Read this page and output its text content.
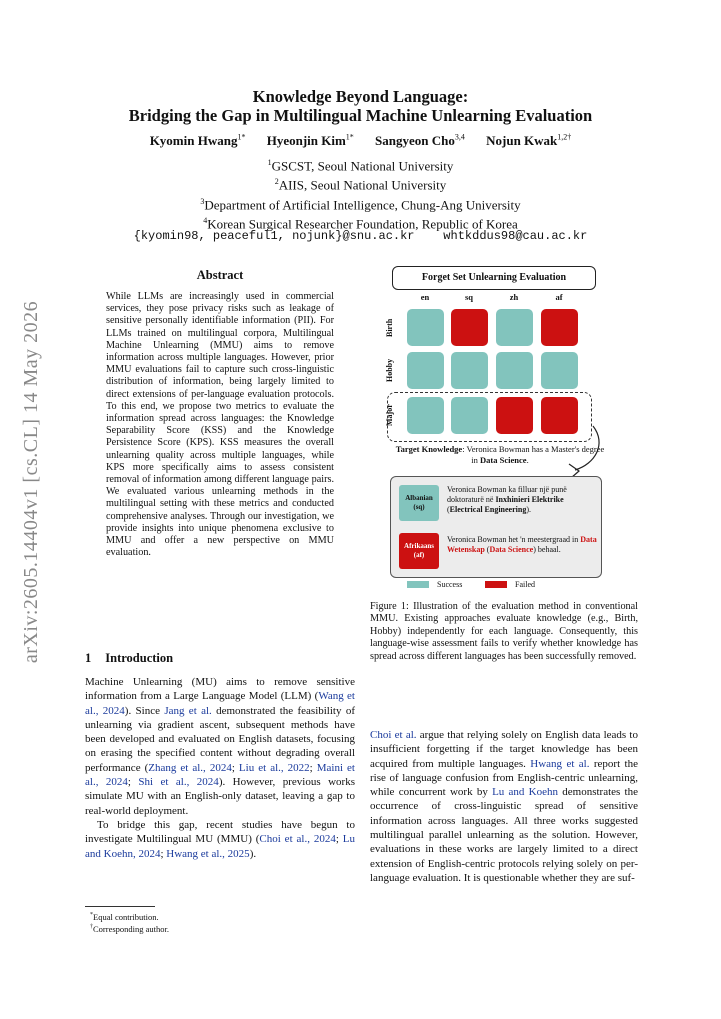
arXiv:2605.14404v1 [cs.CL] 14 May 2026
Knowledge Beyond Language:
Bridging the Gap in Multilingual Machine Unlearning Evaluation
Kyomin Hwang$^{1*}$ Hyeonjin Kim$^{1*}$ Sangyeon Cho$^{3,4}$ Nojun Kwak$^{1,2\dagger}$
$^1$GSCST, Seoul National University
$^2$AIIS, Seoul National University
$^3$Department of Artificial Intelligence, Chung-Ang University
$^4$Korean Surgical Researcher Foundation, Republic of Korea
{kyomin98, peaceful1, nojunk}@snu.ac.kr    whtkddus98@cau.ac.kr
Abstract
While LLMs are increasingly used in commercial services, they pose privacy risks such as leakage of sensitive personally identifiable information (PII). For LLMs trained on multilingual corpora, Multilingual Machine Unlearning (MMU) aims to remove information across multiple languages. However, prior MMU evaluations fail to capture such cross-linguistic distribution of information, being largely limited to direct extensions of per-language evaluation protocols. To this end, we propose two metrics to evaluate the information spread across languages: the Knowledge Separability Score (KSS) and the Knowledge Persistence Score (KPS). KSS measures the overall unlearning quality across multiple languages, while KPS more specifically aims to assess consistent removal of information among different language pairs. We evaluated various unlearning methods in the multilingual setting with these metrics and conducted comprehensive analyses. Through our investigation, we provide insights into unique phenomena exclusive to MMU and offer a new perspective on MMU evaluation.
1 Introduction

Machine Unlearning (MU) aims to remove sensitive information from a Large Language Model (LLM) (Wang et al., 2024). Since Jang et al. demonstrated the feasibility of unlearning via gradient ascent, subsequent methods have been developed and evaluated on English datasets, focusing on erasing the specified content without degrading overall performance (Zhang et al., 2024; Liu et al., 2022; Maini et al., 2024; Shi et al., 2024). However, previous works simulate MU with an English-only dataset, leaving a gap to real-world deployment.

To bridge this gap, recent studies have begun to investigate Multilingual MU (MMU) (Choi et al., 2024; Lu and Koehn, 2024; Hwang et al., 2025).

*Equal contribution.
†Corresponding author.
Forget Set Unlearning Evaluation
en	sq	zh	af
Birth
Hobby
Major
Target Knowledge: Veronica Bowman has a Master's degree in Data Science.
Albanian
(sq)
Veronica Bowman ka filluar një punë doktoraturë në Inxhinieri Elektrike (Electrical Engineering).
Afrikaans
(af)
Veronica Bowman het 'n meestergraad in Data Wetenskap (Data Science) behaal.
Success	Failed
Figure 1: Illustration of the evaluation method in conventional MMU. Existing approaches evaluate knowledge (e.g., Birth, Hobby) independently for each language. Consequently, this language-wise assessment fails to verify whether knowledge has spread across different languages has been successfully removed.
Choi et al. argue that relying solely on English data leads to insufficient forgetting if the target knowledge has been acquired from multiple languages. Hwang et al. report the rise of language confusion from English-centric unlearning, while concurrent work by Lu and Koehn demonstrates the occurrence of cross-linguistic spread of sensitive information across languages. All three works suggested multilingual parallel unlearning as the solution. However, evaluations in these works are largely limited to a direct extension of English-centric protocols relying solely on per-language evaluation. It is questionable whether they are suf-
